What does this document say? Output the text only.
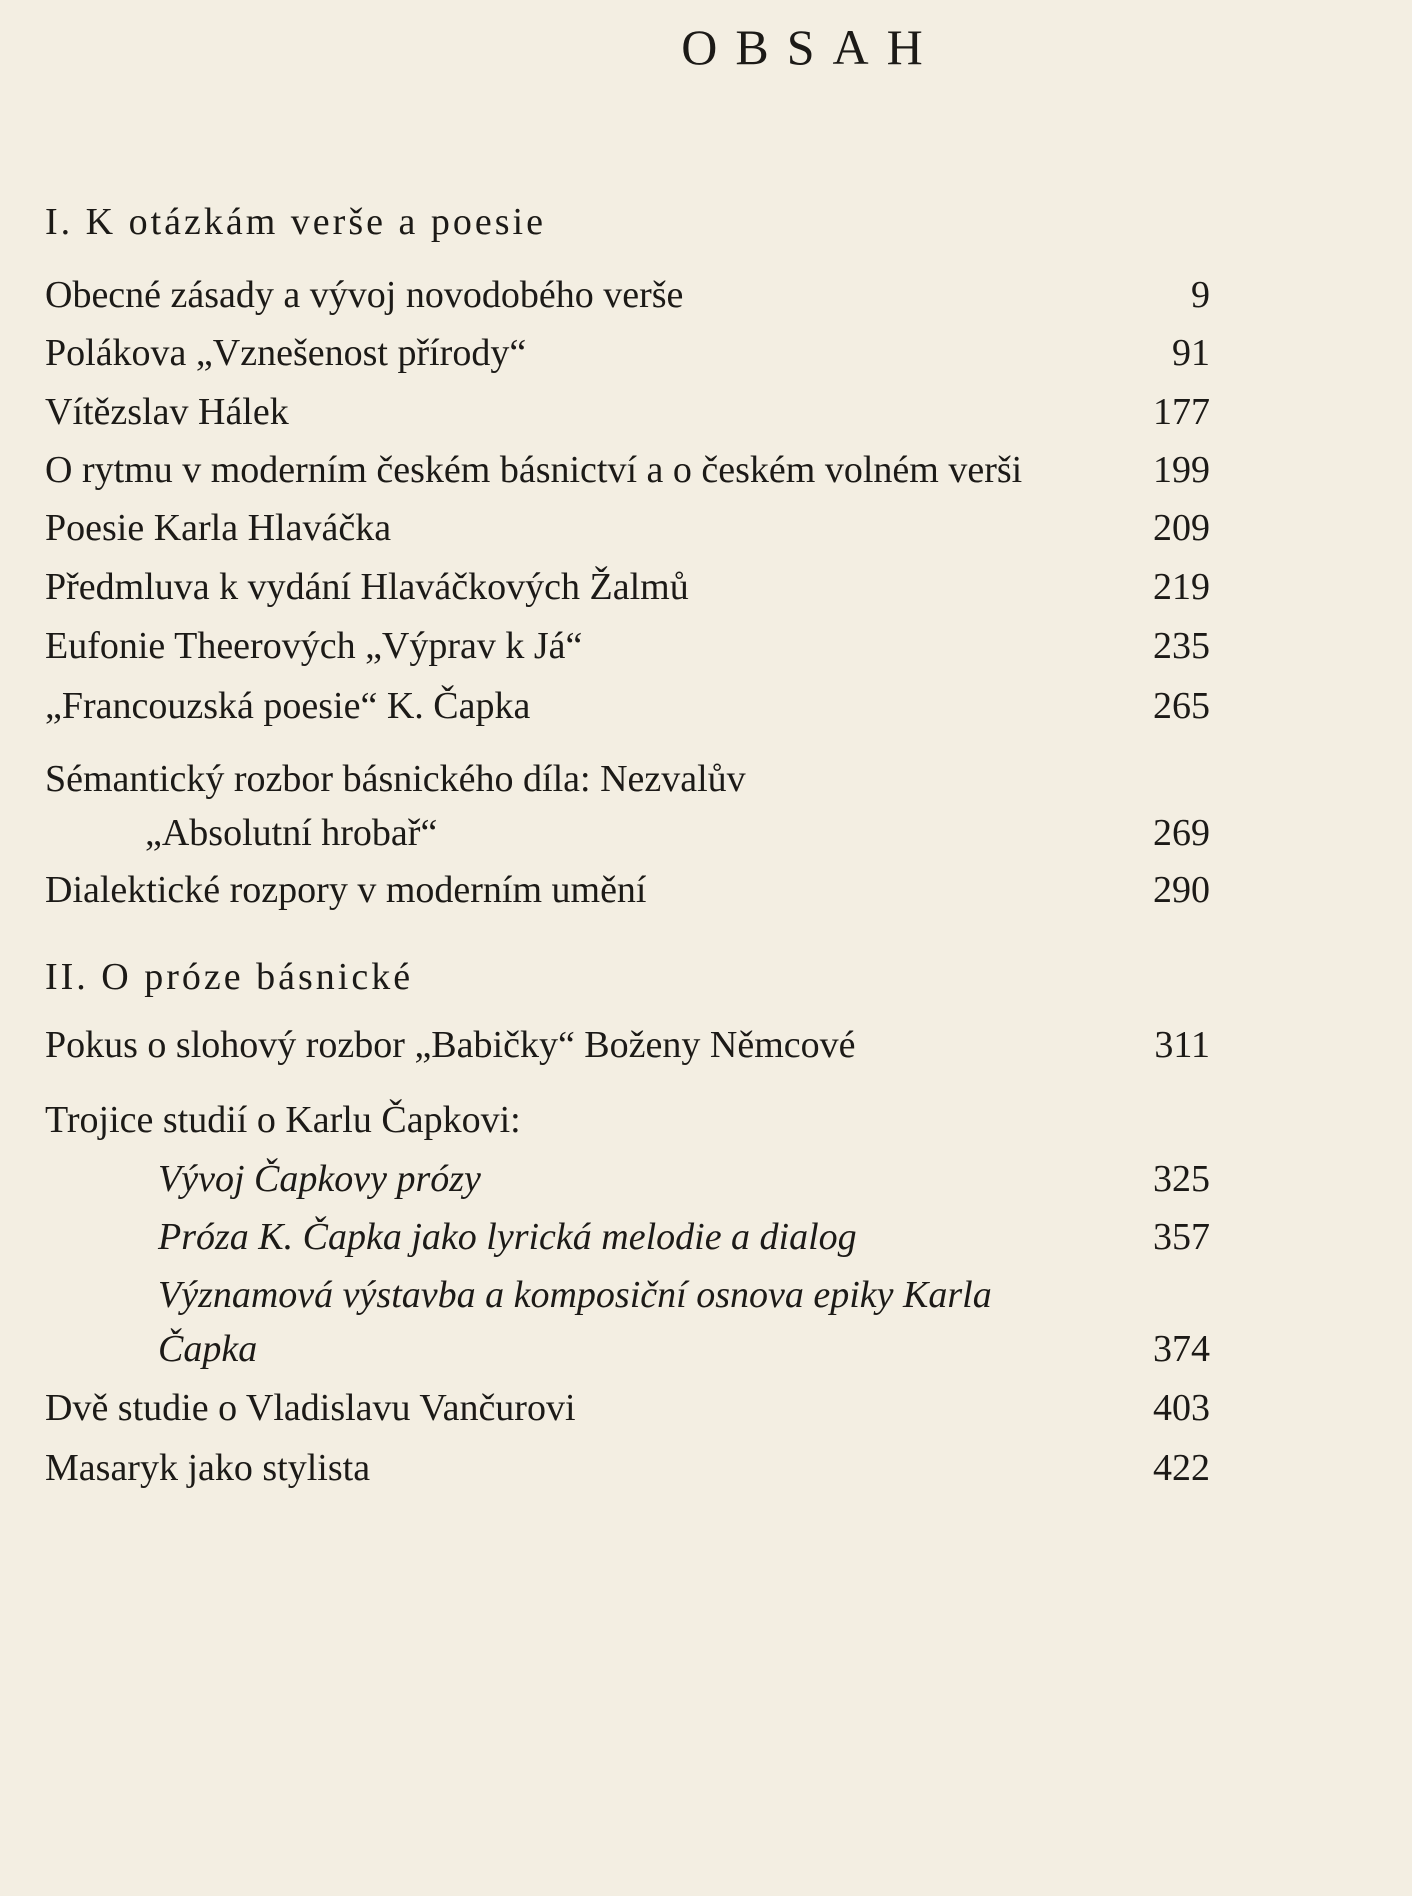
OBSAH
I. K otázkám verše a poesie
Obecné zásady a vývoj novodobého verše	9
Polákova „Vznešenost přírody“	91
Vítězslav Hálek	177
O rytmu v moderním českém básnictví a o českém volném verši	199
Poesie Karla Hlaváčka	209
Předmluva k vydání Hlaváčkových Žalmů	219
Eufonie Theerových „Výprav k Já“	235
„Francouzská poesie“ K. Čapka	265
Sémantický rozbor básnického díla: Nezvalův
„Absolutní hrobař“	269
Dialektické rozpory v moderním umění	290
II. O próze básnické
Pokus o slohový rozbor „Babičky“ Boženy Němcové	311
Trojice studií o Karlu Čapkovi:
Vývoj Čapkovy prózy	325
Próza K. Čapka jako lyrická melodie a dialog	357
Významová výstavba a komposiční osnova epiky Karla
Čapka	374
Dvě studie o Vladislavu Vančurovi	403
Masaryk jako stylista	422
